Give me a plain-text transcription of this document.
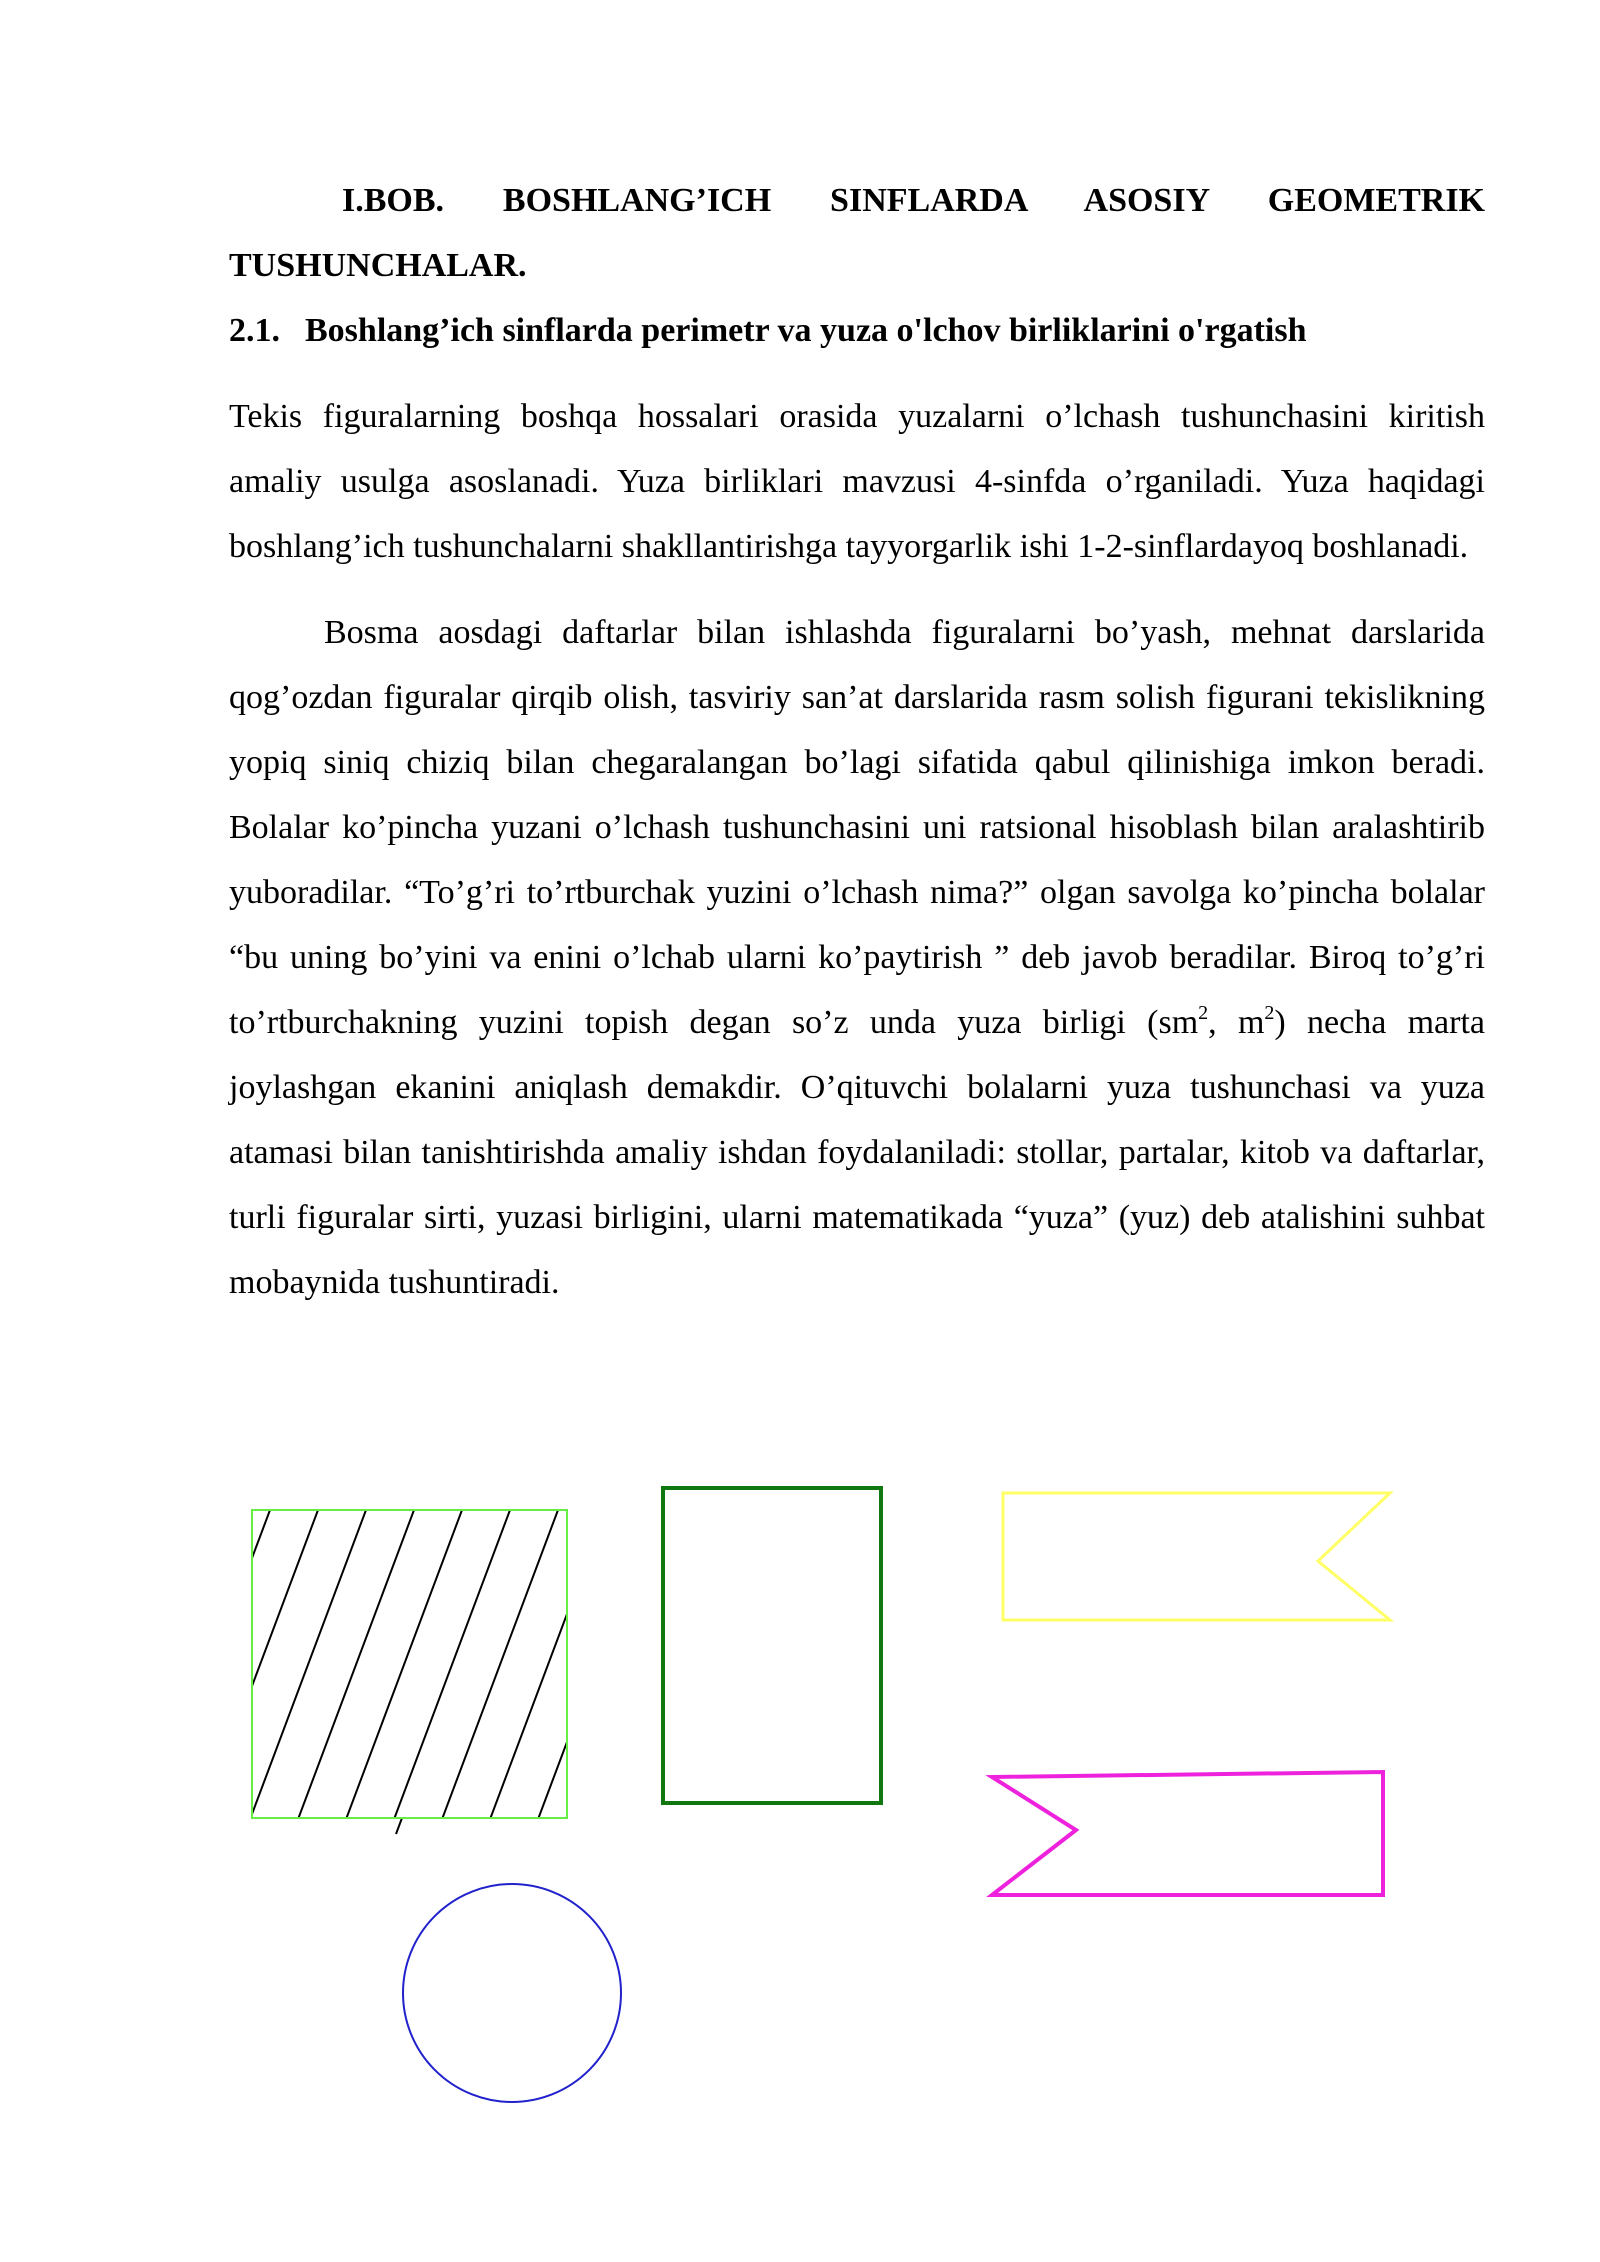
I.BOB. BOSHLANG’ICH SINFLARDA ASOSIY GEOMETRIK TUSHUNCHALAR.
2.1. Boshlang’ich sinflarda perimetr va yuza o'lchov birliklarini o'rgatish

Tekis figuralarning boshqa hossalari orasida yuzalarni o’lchash tushunchasini kiritish amaliy usulga asoslanadi. Yuza birliklari mavzusi 4-sinfda o’rganiladi. Yuza haqidagi boshlang’ich tushunchalarni shakllantirishga tayyorgarlik ishi 1-2-sinflardayoq boshlanadi.

Bosma aosdagi daftarlar bilan ishlashda figuralarni bo’yash, mehnat darslarida qog’ozdan figuralar qirqib olish, tasviriy san’at darslarida rasm solish figurani tekislikning yopiq siniq chiziq bilan chegaralangan bo’lagi sifatida qabul qilinishiga imkon beradi. Bolalar ko’pincha yuzani o’lchash tushunchasini uni ratsional hisoblash bilan aralashtirib yuboradilar. “To’g’ri to’rtburchak yuzini o’lchash nima?” olgan savolga ko’pincha bolalar “bu uning bo’yini va enini o’lchab ularni ko’paytirish ” deb javob beradilar. Biroq to’g’ri to’rtburchakning yuzini topish degan so’z unda yuza birligi ($sm^2$, $m^2$) necha marta joylashgan ekanini aniqlash demakdir. O’qituvchi bolalarni yuza tushunchasi va yuza atamasi bilan tanishtirishda amaliy ishdan foydalaniladi: stollar, partalar, kitob va daftarlar, turli figuralar sirti, yuzasi birligini, ularni matematikada “yuza” (yuz) deb atalishini suhbat mobaynida tushuntiradi.
